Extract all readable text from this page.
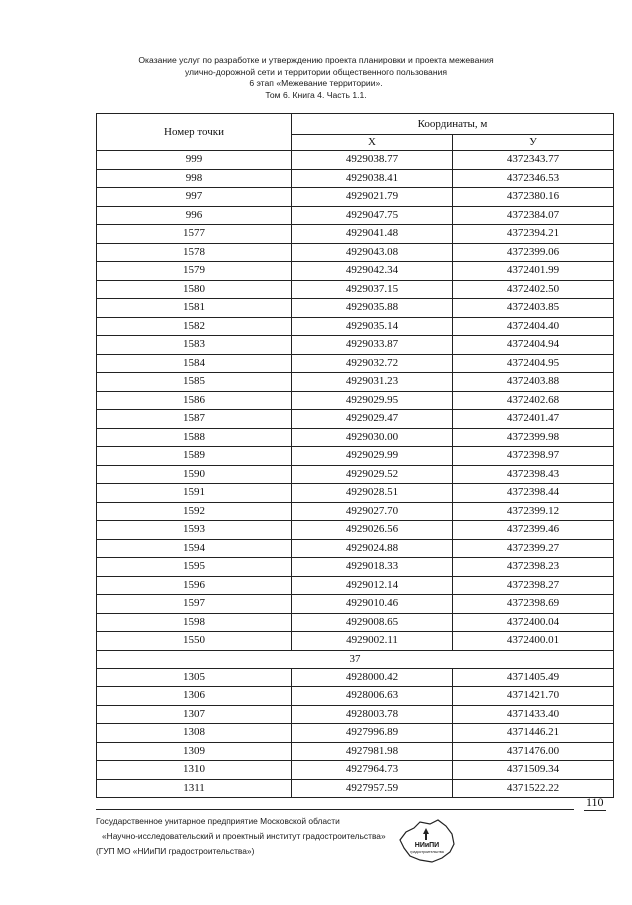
Оказание услуг по разработке и утверждению проекта планировки и проекта межевания
улично-дорожной сети и территории общественного пользования
6 этап «Межевание территории».
Том 6. Книга 4. Часть 1.1.
Номер точки	Координаты, м	
	X	У
999	4929038.77	4372343.77
998	4929038.41	4372346.53
997	4929021.79	4372380.16
996	4929047.75	4372384.07
1577	4929041.48	4372394.21
1578	4929043.08	4372399.06
1579	4929042.34	4372401.99
1580	4929037.15	4372402.50
1581	4929035.88	4372403.85
1582	4929035.14	4372404.40
1583	4929033.87	4372404.94
1584	4929032.72	4372404.95
1585	4929031.23	4372403.88
1586	4929029.95	4372402.68
1587	4929029.47	4372401.47
1588	4929030.00	4372399.98
1589	4929029.99	4372398.97
1590	4929029.52	4372398.43
1591	4929028.51	4372398.44
1592	4929027.70	4372399.12
1593	4929026.56	4372399.46
1594	4929024.88	4372399.27
1595	4929018.33	4372398.23
1596	4929012.14	4372398.27
1597	4929010.46	4372398.69
1598	4929008.65	4372400.04
1550	4929002.11	4372400.01
37		
1305	4928000.42	4371405.49
1306	4928006.63	4371421.70
1307	4928003.78	4371433.40
1308	4927996.89	4371446.21
1309	4927981.98	4371476.00
1310	4927964.73	4371509.34
1311	4927957.59	4371522.22
110
Государственное унитарное предприятие Московской области
«Научно-исследовательский и проектный институт градостроительства»
(ГУП МО «НИиПИ градостроительства»)
НИиПИ
градостроительства
